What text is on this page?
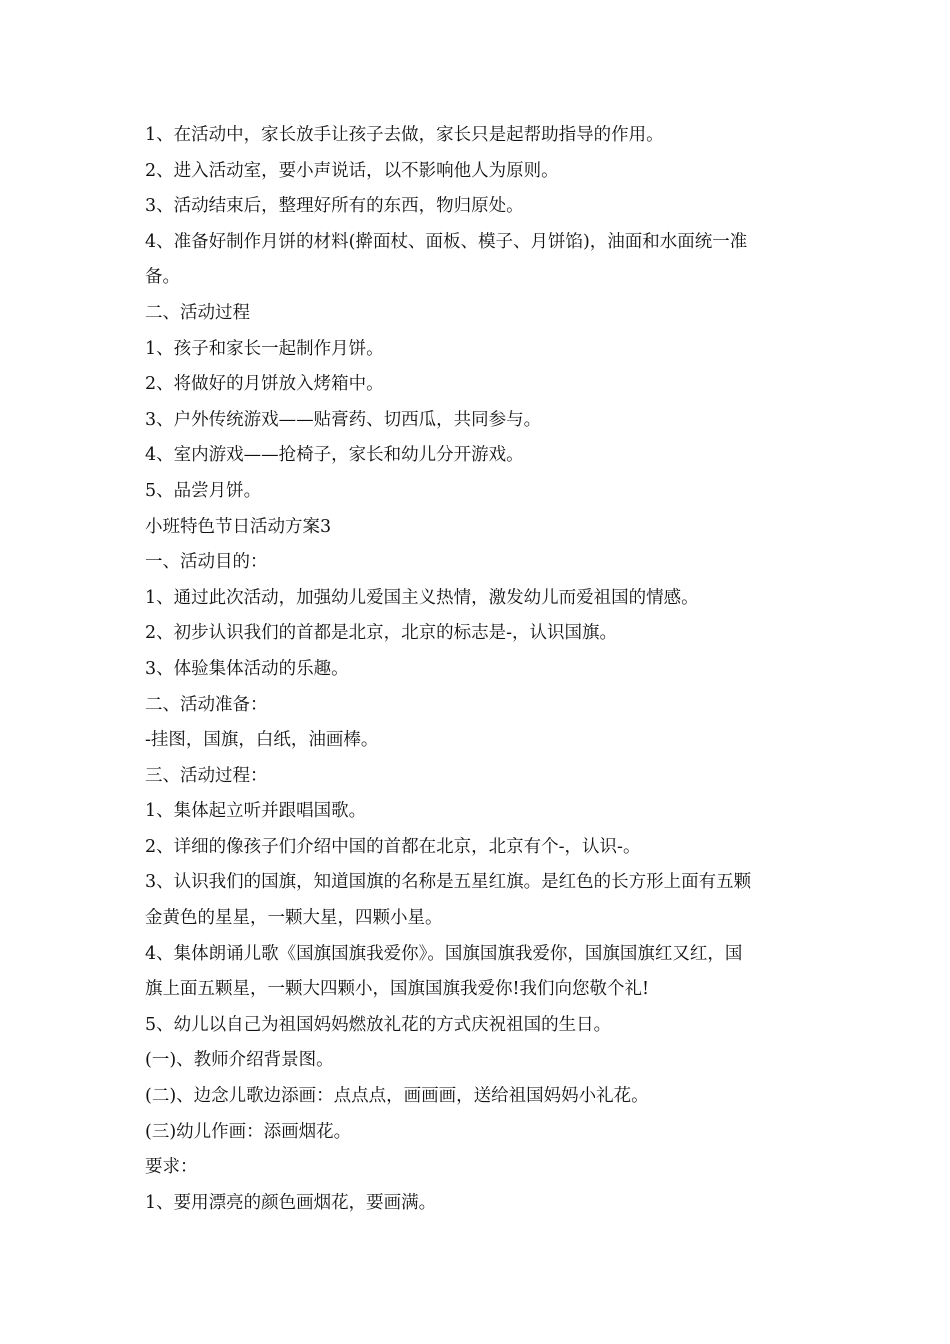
1、在活动中，家长放手让孩子去做，家长只是起帮助指导的作用。
2、进入活动室，要小声说话，以不影响他人为原则。
3、活动结束后，整理好所有的东西，物归原处。
4、准备好制作月饼的材料(擀面杖、面板、模子、月饼馅)，油面和水面统一准
备。
二、活动过程
1、孩子和家长一起制作月饼。
2、将做好的月饼放入烤箱中。
3、户外传统游戏——贴膏药、切西瓜，共同参与。
4、室内游戏——抢椅子，家长和幼儿分开游戏。
5、品尝月饼。
小班特色节日活动方案3
一、活动目的：
1、通过此次活动，加强幼儿爱国主义热情，激发幼儿而爱祖国的情感。
2、初步认识我们的首都是北京，北京的标志是-，认识国旗。
3、体验集体活动的乐趣。
二、活动准备：
-挂图，国旗，白纸，油画棒。
三、活动过程：
1、集体起立听并跟唱国歌。
2、详细的像孩子们介绍中国的首都在北京，北京有个-，认识-。
3、认识我们的国旗，知道国旗的名称是五星红旗。是红色的长方形上面有五颗
金黄色的星星，一颗大星，四颗小星。
4、集体朗诵儿歌《国旗国旗我爱你》。国旗国旗我爱你，国旗国旗红又红，国
旗上面五颗星，一颗大四颗小，国旗国旗我爱你!我们向您敬个礼!
5、幼儿以自己为祖国妈妈燃放礼花的方式庆祝祖国的生日。
(一)、教师介绍背景图。
(二)、边念儿歌边添画：点点点，画画画，送给祖国妈妈小礼花。
(三)幼儿作画：添画烟花。
要求：
1、要用漂亮的颜色画烟花，要画满。
